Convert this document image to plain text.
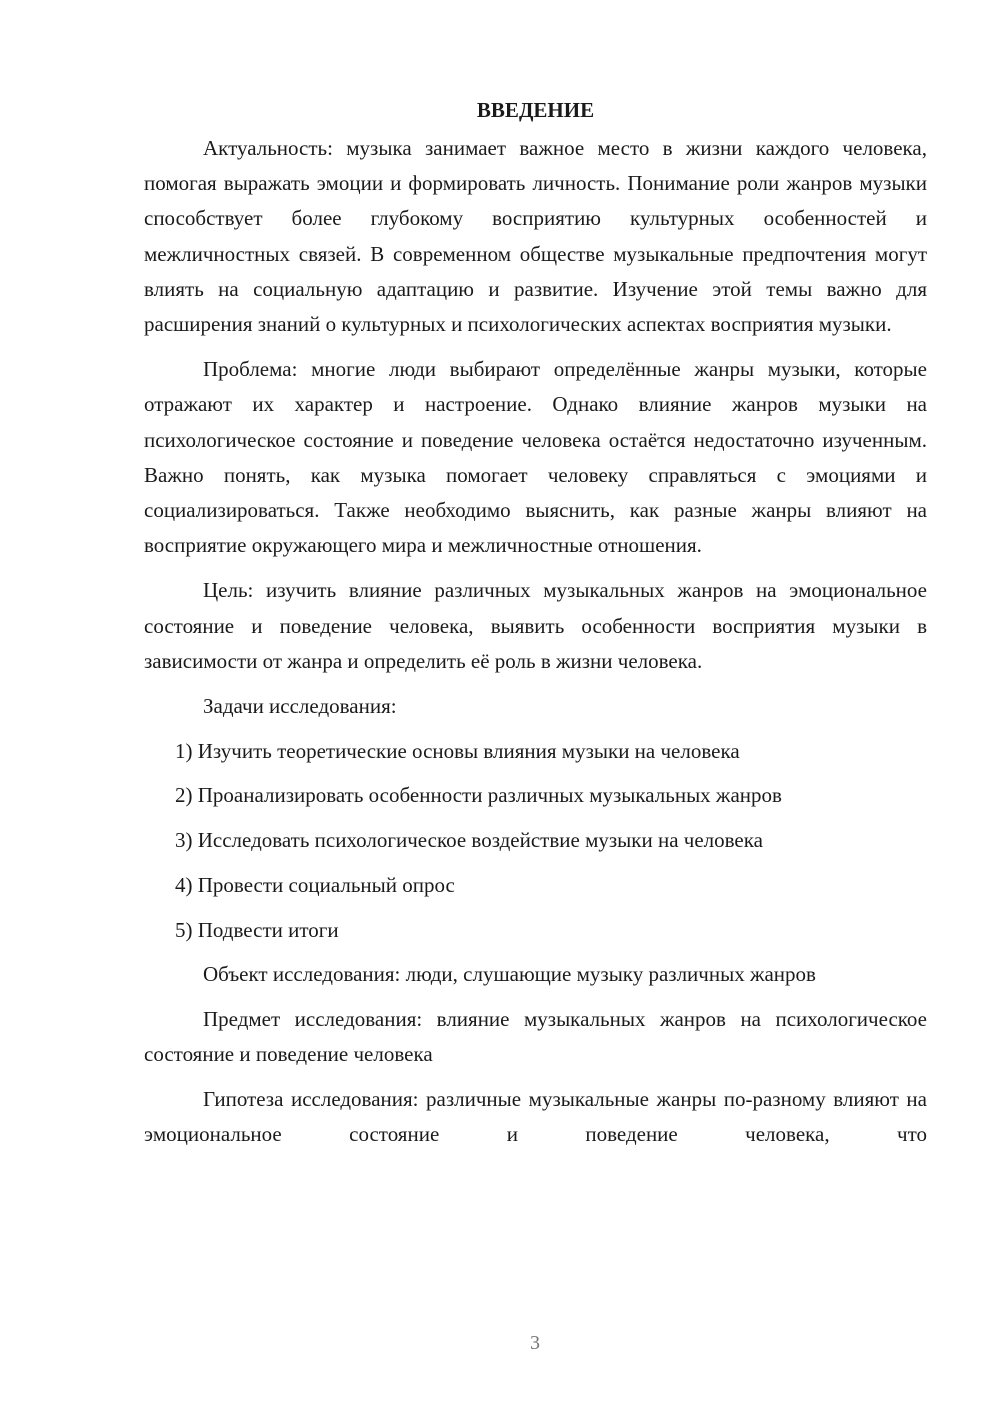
ВВЕДЕНИЕ

Актуальность: музыка занимает важное место в жизни каждого человека, помогая выражать эмоции и формировать личность. Понимание роли жанров музыки способствует более глубокому восприятию культурных особенностей и межличностных связей. В современном обществе музыкальные предпочтения могут влиять на социальную адаптацию и развитие. Изучение этой темы важно для расширения знаний о культурных и психологических аспектах восприятия музыки.

Проблема: многие люди выбирают определённые жанры музыки, которые отражают их характер и настроение. Однако влияние жанров музыки на психологическое состояние и поведение человека остаётся недостаточно изученным. Важно понять, как музыка помогает человеку справляться с эмоциями и социализироваться. Также необходимо выяснить, как разные жанры влияют на восприятие окружающего мира и межличностные отношения.

Цель: изучить влияние различных музыкальных жанров на эмоциональное состояние и поведение человека, выявить особенности восприятия музыки в зависимости от жанра и определить её роль в жизни человека.

Задачи исследования:

1) Изучить теоретические основы влияния музыки на человека

2) Проанализировать особенности различных музыкальных жанров

3) Исследовать психологическое воздействие музыки на человека

4) Провести социальный опрос

5) Подвести итоги

Объект исследования: люди, слушающие музыку различных жанров

Предмет исследования: влияние музыкальных жанров на психологическое состояние и поведение человека

Гипотеза исследования: различные музыкальные жанры по-разному влияют на эмоциональное состояние и поведение человека, что

3
